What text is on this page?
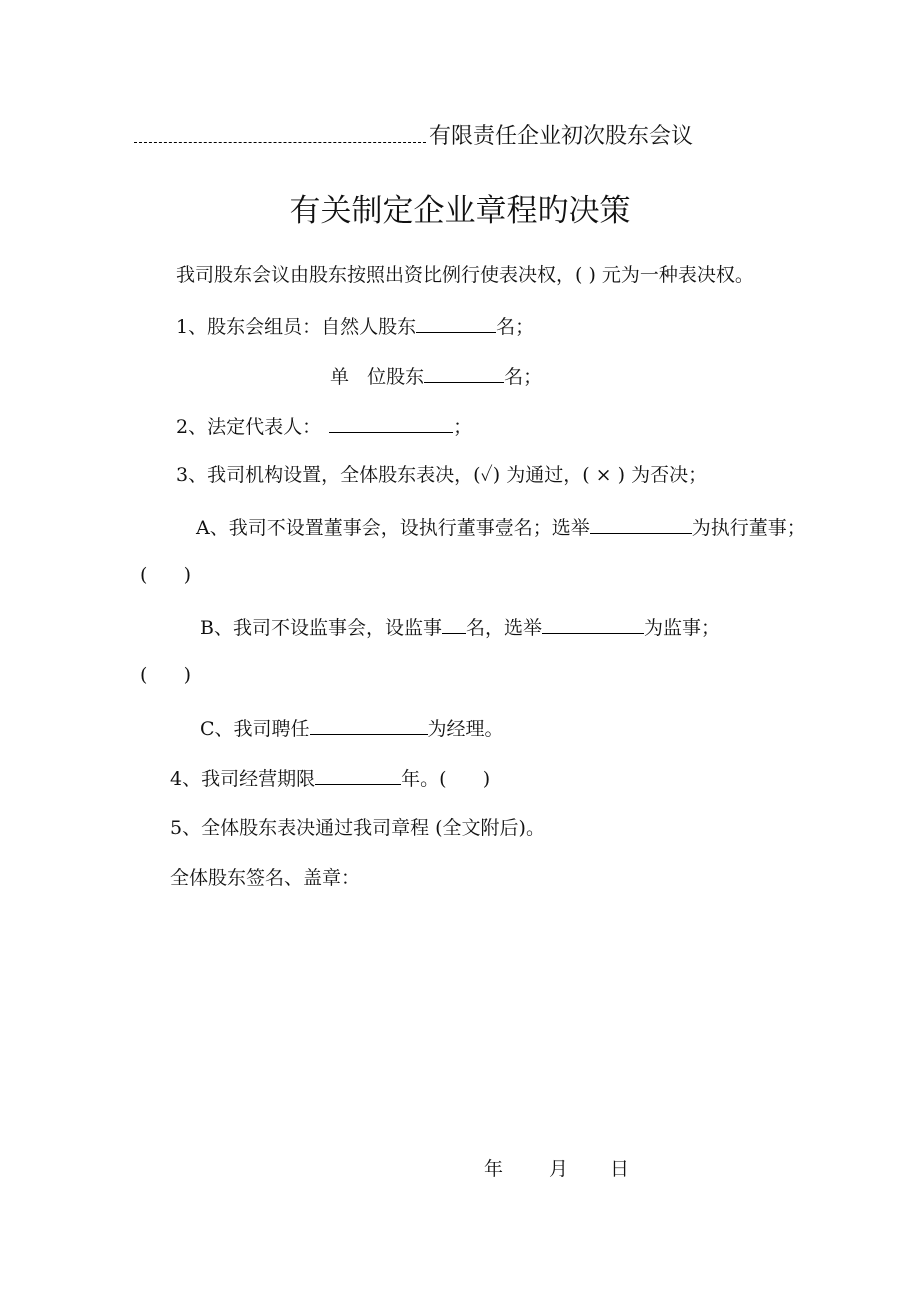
有限责任企业初次股东会议
有关制定企业章程旳决策
我司股东会议由股东按照出资比例行使表决权，( ) 元为一种表决权。
1、股东会组员：自然人股东	名；
单   位股东	名；
2、法定代表人：	；
3、我司机构设置，全体股东表决，(✓) 为通过，( × ) 为否决；
A、我司不设置董事会，设执行董事壹名；选举	为执行董事；
(      )
B、我司不设监事会，设监事 名，选举	为监事；
(      )
C、我司聘任	为经理。
4、我司经营期限	年。(      )
5、全体股东表决通过我司章程 (全文附后)。
全体股东签名、盖章：
年 月 日
